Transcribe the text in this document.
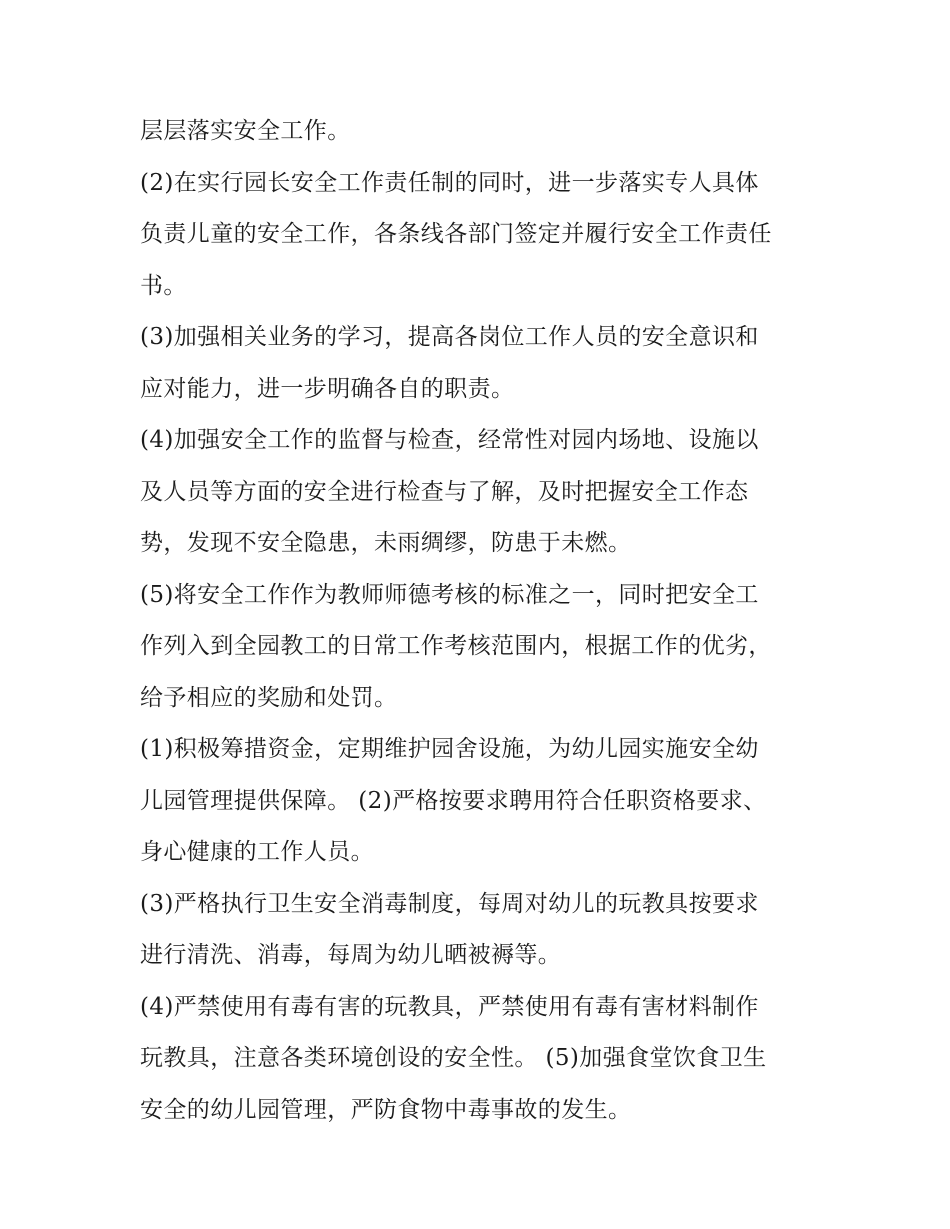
层层落实安全工作。
(2)在实行园长安全工作责任制的同时，进一步落实专人具体
负责儿童的安全工作，各条线各部门签定并履行安全工作责任
书。
(3)加强相关业务的学习，提高各岗位工作人员的安全意识和
应对能力，进一步明确各自的职责。
(4)加强安全工作的监督与检查，经常性对园内场地、设施以
及人员等方面的安全进行检查与了解，及时把握安全工作态
势，发现不安全隐患，未雨绸缪，防患于未燃。
(5)将安全工作作为教师师德考核的标准之一，同时把安全工
作列入到全园教工的日常工作考核范围内，根据工作的优劣，
给予相应的奖励和处罚。
(1)积极筹措资金，定期维护园舍设施，为幼儿园实施安全幼
儿园管理提供保障。 (2)严格按要求聘用符合任职资格要求、
身心健康的工作人员。
(3)严格执行卫生安全消毒制度，每周对幼儿的玩教具按要求
进行清洗、消毒，每周为幼儿晒被褥等。
(4)严禁使用有毒有害的玩教具，严禁使用有毒有害材料制作
玩教具，注意各类环境创设的安全性。 (5)加强食堂饮食卫生
安全的幼儿园管理，严防食物中毒事故的发生。
